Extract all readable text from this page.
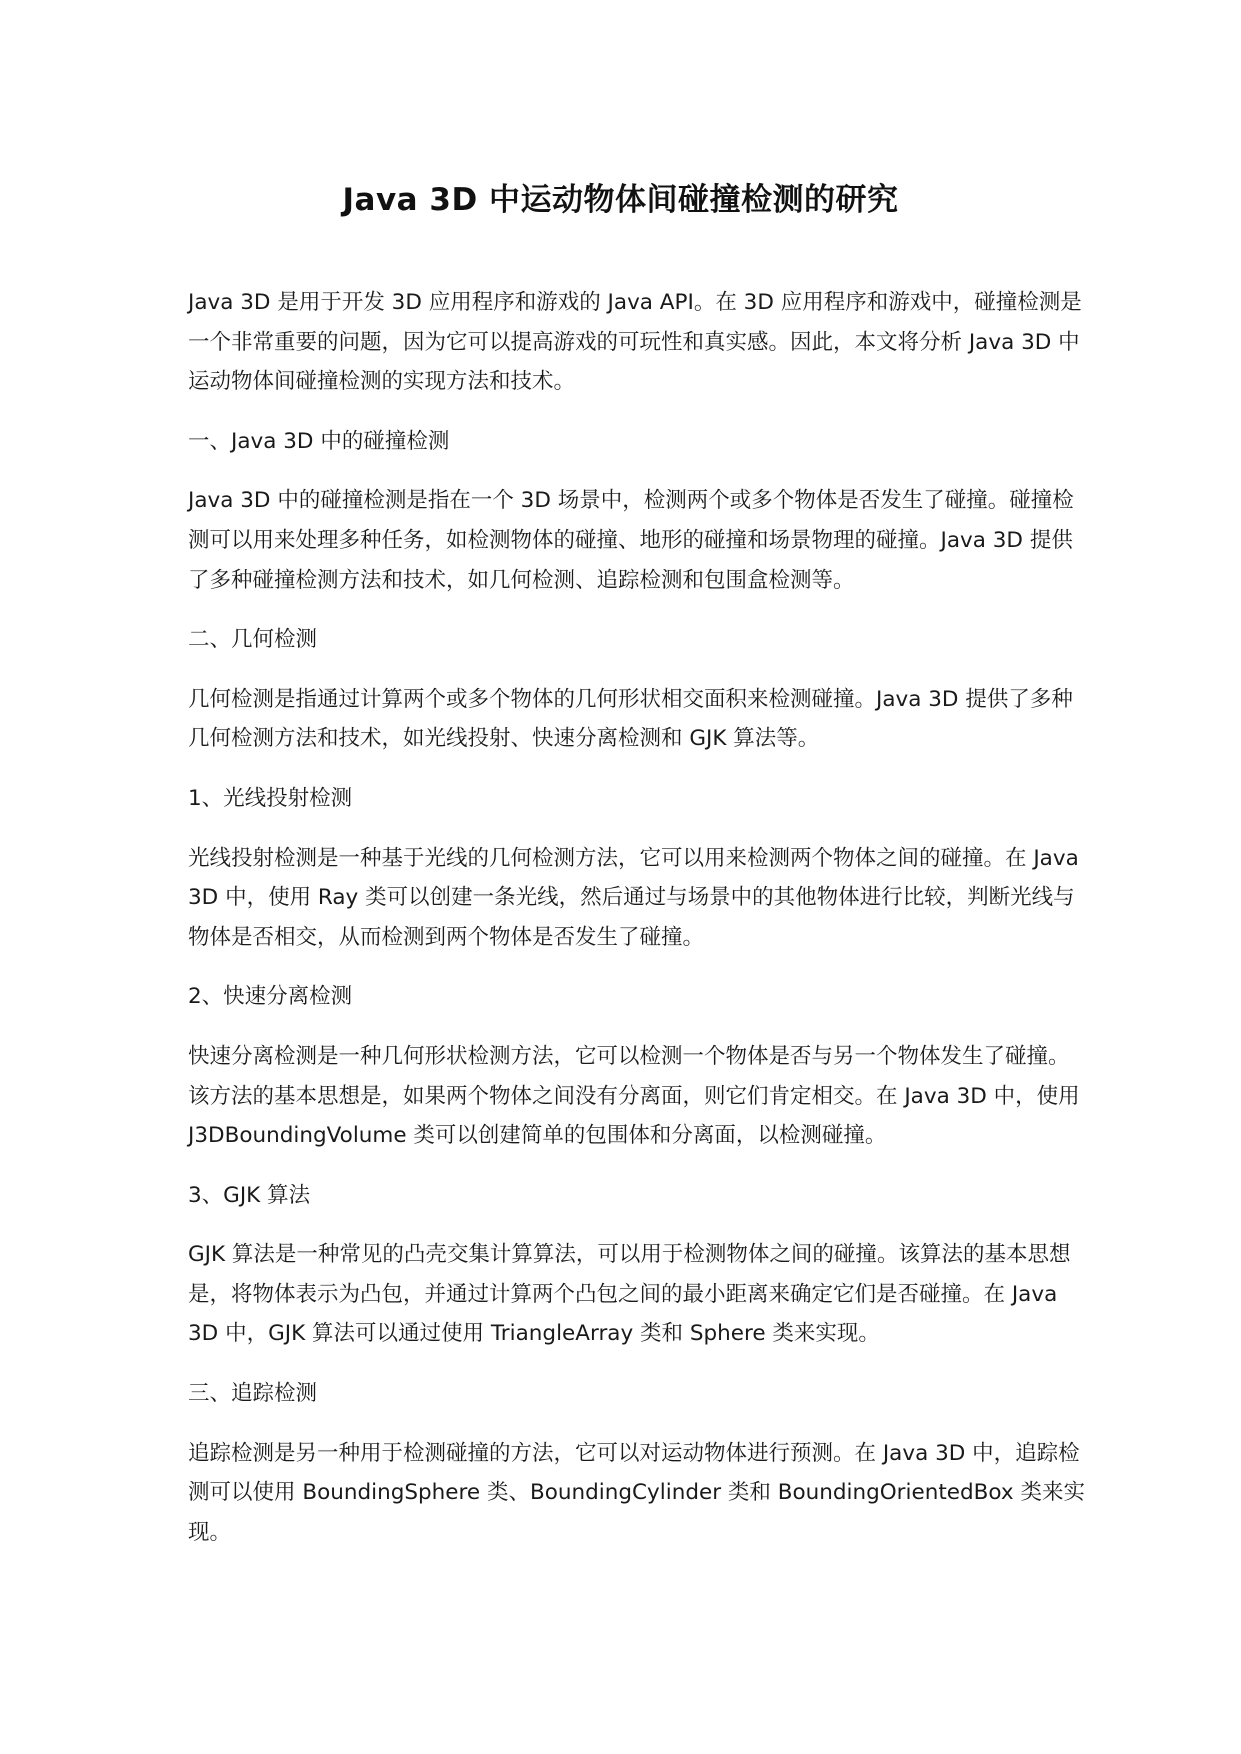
Java 3D 中运动物体间碰撞检测的研究

Java 3D 是用于开发 3D 应用程序和游戏的 Java API。在 3D 应用程序和游戏中，碰撞检测是一个非常重要的问题，因为它可以提高游戏的可玩性和真实感。因此，本文将分析 Java 3D 中运动物体间碰撞检测的实现方法和技术。

一、Java 3D 中的碰撞检测

Java 3D 中的碰撞检测是指在一个 3D 场景中，检测两个或多个物体是否发生了碰撞。碰撞检测可以用来处理多种任务，如检测物体的碰撞、地形的碰撞和场景物理的碰撞。Java 3D 提供了多种碰撞检测方法和技术，如几何检测、追踪检测和包围盒检测等。

二、几何检测

几何检测是指通过计算两个或多个物体的几何形状相交面积来检测碰撞。Java 3D 提供了多种几何检测方法和技术，如光线投射、快速分离检测和 GJK 算法等。

1、光线投射检测

光线投射检测是一种基于光线的几何检测方法，它可以用来检测两个物体之间的碰撞。在 Java 3D 中，使用 Ray 类可以创建一条光线，然后通过与场景中的其他物体进行比较，判断光线与物体是否相交，从而检测到两个物体是否发生了碰撞。

2、快速分离检测

快速分离检测是一种几何形状检测方法，它可以检测一个物体是否与另一个物体发生了碰撞。该方法的基本思想是，如果两个物体之间没有分离面，则它们肯定相交。在 Java 3D 中，使用 J3DBoundingVolume 类可以创建简单的包围体和分离面，以检测碰撞。

3、GJK 算法

GJK 算法是一种常见的凸壳交集计算算法，可以用于检测物体之间的碰撞。该算法的基本思想是，将物体表示为凸包，并通过计算两个凸包之间的最小距离来确定它们是否碰撞。在 Java 3D 中，GJK 算法可以通过使用 TriangleArray 类和 Sphere 类来实现。

三、追踪检测

追踪检测是另一种用于检测碰撞的方法，它可以对运动物体进行预测。在 Java 3D 中，追踪检测可以使用 BoundingSphere 类、BoundingCylinder 类和 BoundingOrientedBox 类来实现。
